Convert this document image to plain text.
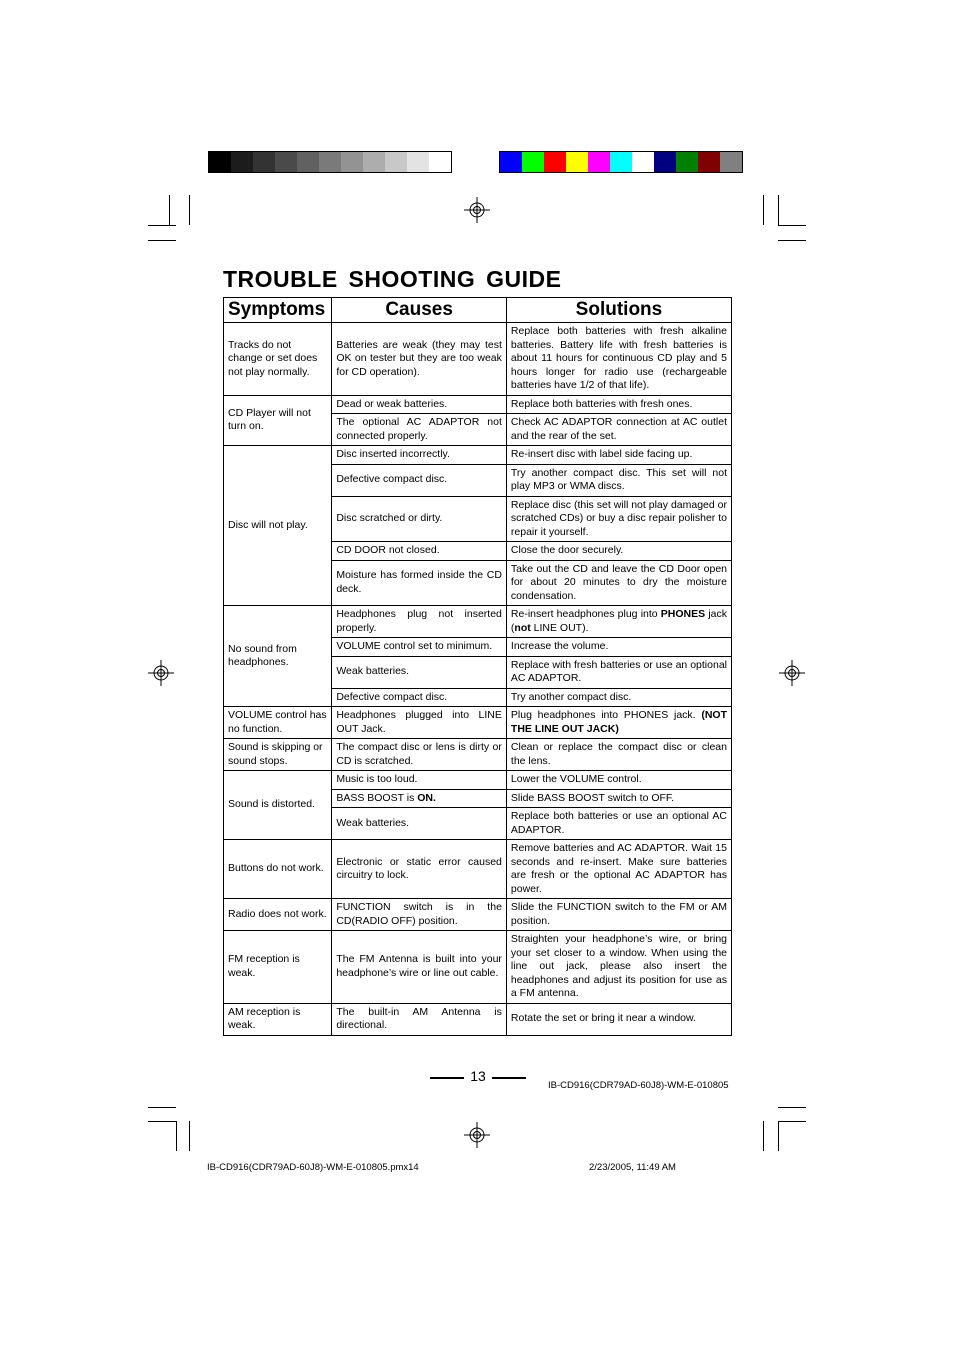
TROUBLE SHOOTING GUIDE
Symptoms	Causes	Solutions
Tracks do not change or set does not play normally.	Batteries are weak (they may test OK on tester but they are too weak for CD operation).	Replace both batteries with fresh alkaline batteries. Battery life with fresh batteries is about 11 hours for continuous CD play and 5 hours longer for radio use (rechargeable batteries have 1/2 of that life).
CD Player will not turn on.	Dead or weak batteries.	Replace both batteries with fresh ones.
	The optional AC ADAPTOR not connected properly.	Check AC ADAPTOR connection at AC outlet and the rear of the set.
Disc will not play.	Disc inserted incorrectly.	Re-insert disc with label side facing up.
	Defective compact disc.	Try another compact disc. This set will not play MP3 or WMA discs.
	Disc scratched or dirty.	Replace disc (this set will not play damaged or scratched CDs) or buy a disc repair polisher to repair it yourself.
	CD DOOR not closed.	Close the door securely.
	Moisture has formed inside the CD deck.	Take out the CD and leave the CD Door open for about 20 minutes to dry the moisture condensation.
No sound from headphones.	Headphones plug not inserted properly.	Re-insert headphones plug into PHONES jack (not LINE OUT).
	VOLUME control set to minimum.	Increase the volume.
	Weak batteries.	Replace with fresh batteries or use an optional AC ADAPTOR.
	Defective compact disc.	Try another compact disc.
VOLUME control has no function.	Headphones plugged into LINE OUT Jack.	Plug headphones into PHONES jack. (NOT THE LINE OUT JACK)
Sound is skipping or sound stops.	The compact disc or lens is dirty or CD is scratched.	Clean or replace the compact disc or clean the lens.
Sound is distorted.	Music is too loud.	Lower the VOLUME control.
	BASS BOOST is ON.	Slide BASS BOOST switch to OFF.
	Weak batteries.	Replace both batteries or use an optional AC ADAPTOR.
Buttons do not work.	Electronic or static error caused circuitry to lock.	Remove batteries and AC ADAPTOR. Wait 15 seconds and re-insert. Make sure batteries are fresh or the optional AC ADAPTOR has power.
Radio does not work.	FUNCTION switch is in the CD(RADIO OFF) position.	Slide the FUNCTION switch to the FM or AM position.
FM reception is weak.	The FM Antenna is built into your headphone’s wire or line out cable.	Straighten your headphone’s wire, or bring your set closer to a window. When using the line out jack, please also insert the headphones and adjust its position for use as a FM antenna.
AM reception is weak.	The built-in AM Antenna is directional.	Rotate the set or bring it near a window.
13
IB-CD916(CDR79AD-60J8)-WM-E-010805
IB-CD916(CDR79AD-60J8)-WM-E-010805.pmx14	2/23/2005, 11:49 AM
